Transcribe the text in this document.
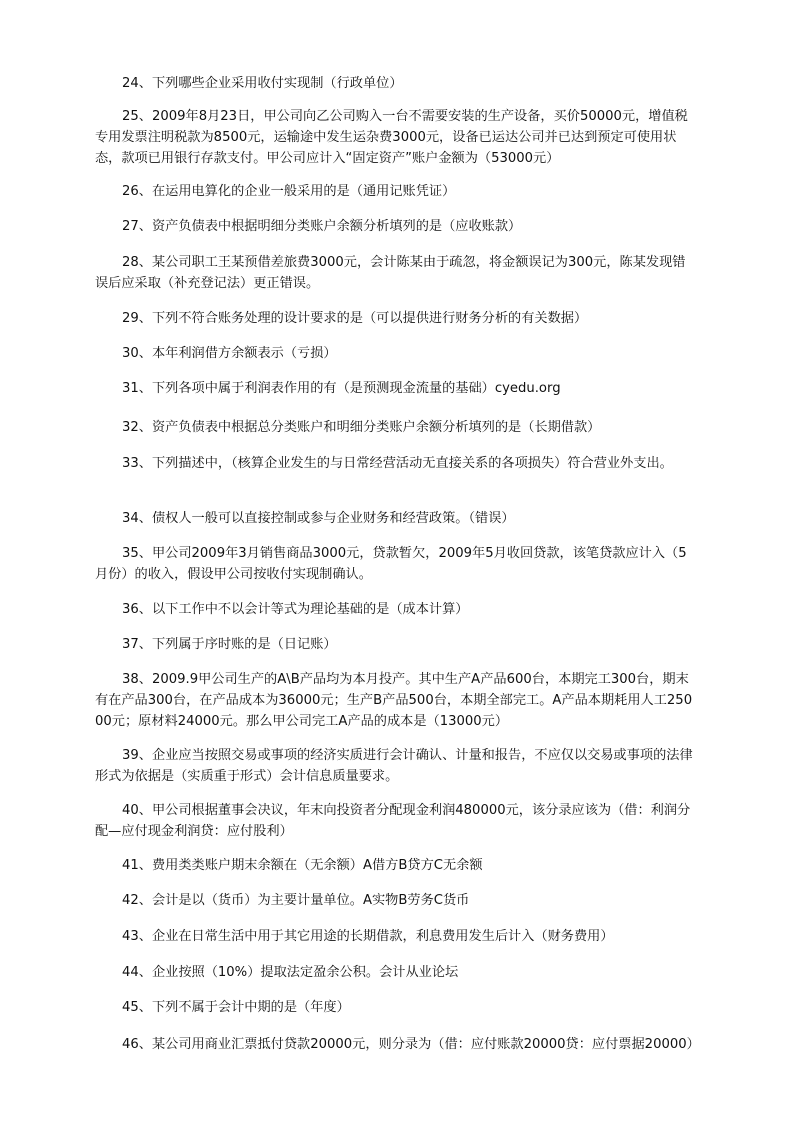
24、下列哪些企业采用收付实现制（行政单位）
25、2009年8月23日，甲公司向乙公司购入一台不需要安装的生产设备，买价50000元，增值税专用发票注明税款为8500元，运输途中发生运杂费3000元，设备已运达公司并已达到预定可使用状态，款项已用银行存款支付。甲公司应计入“固定资产”账户金额为（53000元）
26、在运用电算化的企业一般采用的是（通用记账凭证）
27、资产负债表中根据明细分类账户余额分析填列的是（应收账款）
28、某公司职工王某预借差旅费3000元，会计陈某由于疏忽，将金额误记为300元，陈某发现错误后应采取（补充登记法）更正错误。
29、下列不符合账务处理的设计要求的是（可以提供进行财务分析的有关数据）
30、本年利润借方余额表示（亏损）
31、下列各项中属于利润表作用的有（是预测现金流量的基础）cyedu.org
32、资产负债表中根据总分类账户和明细分类账户余额分析填列的是（长期借款）
33、下列描述中，（核算企业发生的与日常经营活动无直接关系的各项损失）符合营业外支出。
34、债权人一般可以直接控制或参与企业财务和经营政策。（错误）
35、甲公司2009年3月销售商品3000元，贷款暂欠，2009年5月收回贷款，该笔贷款应计入（5月份）的收入，假设甲公司按收付实现制确认。
36、以下工作中不以会计等式为理论基础的是（成本计算）
37、下列属于序时账的是（日记账）
38、2009.9甲公司生产的A\B产品均为本月投产。其中生产A产品600台，本期完工300台，期末有在产品300台，在产品成本为36000元；生产B产品500台，本期全部完工。A产品本期耗用人工25000元；原材料24000元。那么甲公司完工A产品的成本是（13000元）
39、企业应当按照交易或事项的经济实质进行会计确认、计量和报告，不应仅以交易或事项的法律形式为依据是（实质重于形式）会计信息质量要求。
40、甲公司根据董事会决议，年末向投资者分配现金利润480000元，该分录应该为（借：利润分配—应付现金利润贷：应付股利）
41、费用类类账户期末余额在（无余额）A借方B贷方C无余额
42、会计是以（货币）为主要计量单位。A实物B劳务C货币
43、企业在日常生活中用于其它用途的长期借款，利息费用发生后计入（财务费用）
44、企业按照（10%）提取法定盈余公积。会计从业论坛
45、下列不属于会计中期的是（年度）
46、某公司用商业汇票抵付贷款20000元，则分录为（借：应付账款20000贷：应付票据20000）
